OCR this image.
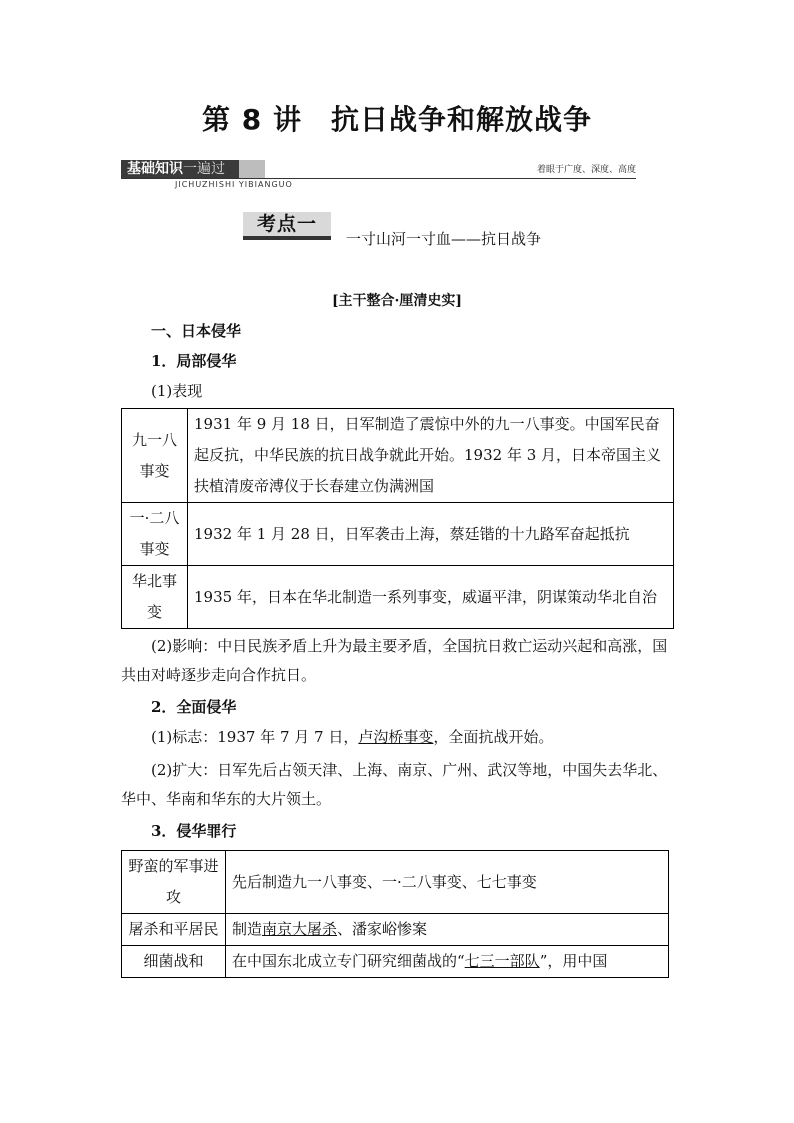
第 8 讲　抗日战争和解放战争
基础知识一遍过
JICHUZHISHI YIBIANGUO
着眼于广度、深度、高度
考点一
一寸山河一寸血——抗日战争
[主干整合·厘清史实]
一、日本侵华
1．局部侵华
(1)表现
九一八事变	1931 年 9 月 18 日，日军制造了震惊中外的九一八事变。中国军民奋起反抗，中华民族的抗日战争就此开始。1932 年 3 月，日本帝国主义扶植清废帝溥仪于长春建立伪满洲国
一·二八事变	1932 年 1 月 28 日，日军袭击上海，蔡廷锴的十九路军奋起抵抗
华北事变	1935 年，日本在华北制造一系列事变，威逼平津，阴谋策动华北自治
(2)影响：中日民族矛盾上升为最主要矛盾，全国抗日救亡运动兴起和高涨，国共由对峙逐步走向合作抗日。
2．全面侵华
(1)标志：1937 年 7 月 7 日，卢沟桥事变，全面抗战开始。
(2)扩大：日军先后占领天津、上海、南京、广州、武汉等地，中国失去华北、华中、华南和华东的大片领土。
3．侵华罪行
野蛮的军事进攻	先后制造九一八事变、一·二八事变、七七事变
屠杀和平居民	制造南京大屠杀、潘家峪惨案
细菌战和	在中国东北成立专门研究细菌战的“七三一部队”，用中国
